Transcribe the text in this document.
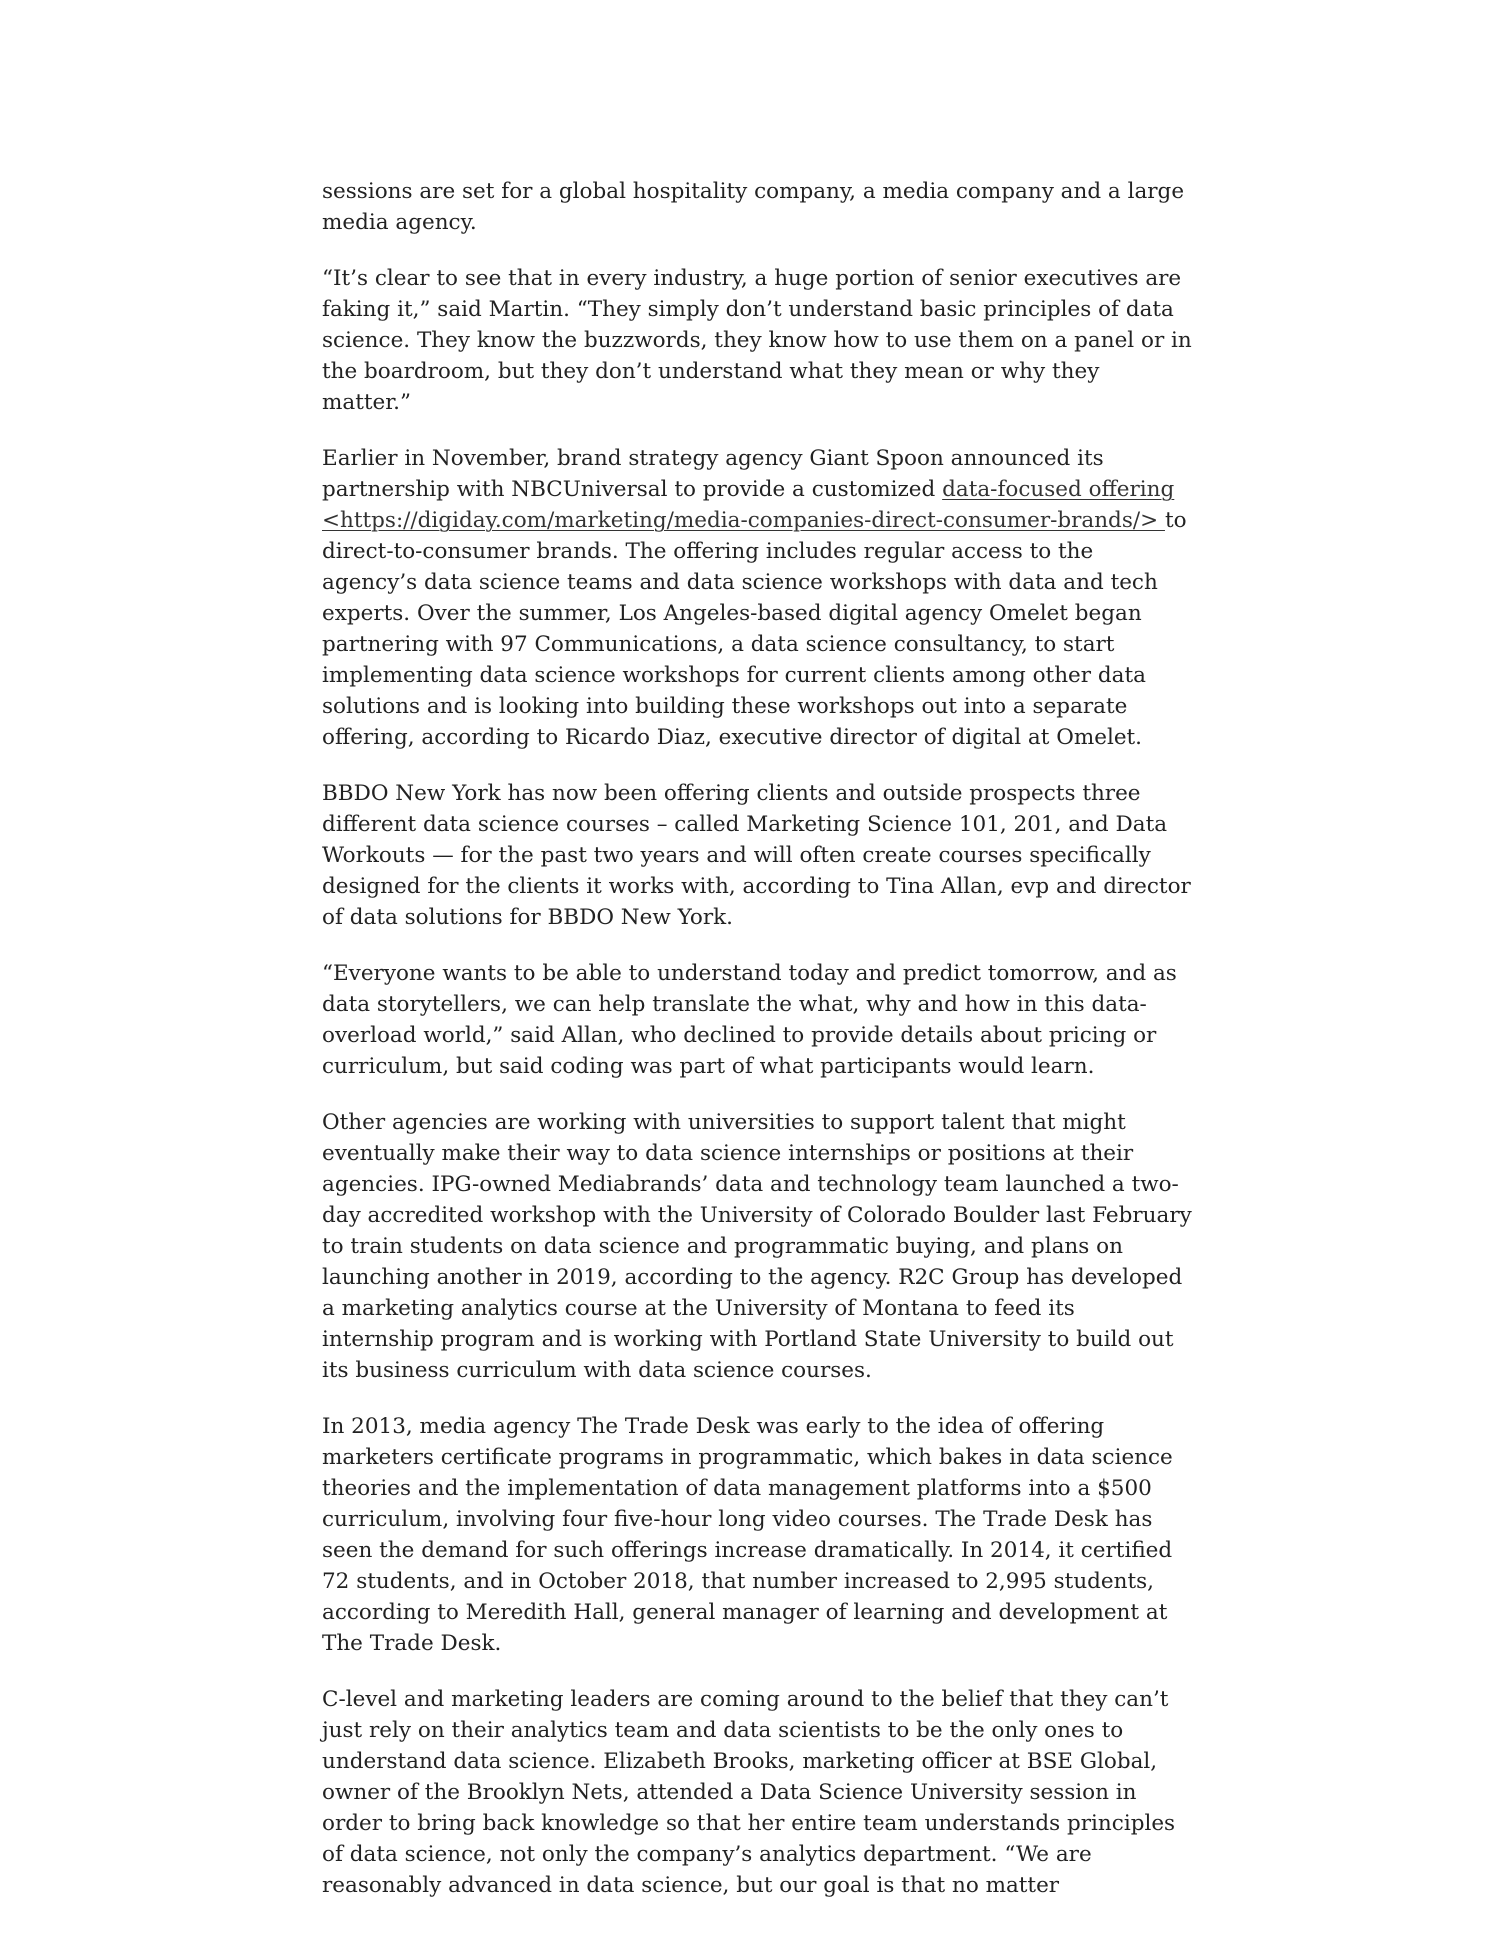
sessions are set for a global hospitality company, a media company and a large media agency.

“It’s clear to see that in every industry, a huge portion of senior executives are faking it,” said Martin. “They simply don’t understand basic principles of data science. They know the buzzwords, they know how to use them on a panel or in the boardroom, but they don’t understand what they mean or why they matter.”

Earlier in November, brand strategy agency Giant Spoon announced its partnership with NBCUniversal to provide a customized data-focused offering <https://digiday.com/marketing/media-companies-direct-consumer-brands/> to direct-to-consumer brands. The offering includes regular access to the agency’s data science teams and data science workshops with data and tech experts. Over the summer, Los Angeles-based digital agency Omelet began partnering with 97 Communications, a data science consultancy, to start implementing data science workshops for current clients among other data solutions and is looking into building these workshops out into a separate offering, according to Ricardo Diaz, executive director of digital at Omelet.

BBDO New York has now been offering clients and outside prospects three different data science courses – called Marketing Science 101, 201, and Data Workouts — for the past two years and will often create courses specifically designed for the clients it works with, according to Tina Allan, evp and director of data solutions for BBDO New York.

“Everyone wants to be able to understand today and predict tomorrow, and as data storytellers, we can help translate the what, why and how in this data-overload world,” said Allan, who declined to provide details about pricing or curriculum, but said coding was part of what participants would learn.

Other agencies are working with universities to support talent that might eventually make their way to data science internships or positions at their agencies. IPG-owned Mediabrands’ data and technology team launched a two-day accredited workshop with the University of Colorado Boulder last February to train students on data science and programmatic buying, and plans on launching another in 2019, according to the agency. R2C Group has developed a marketing analytics course at the University of Montana to feed its internship program and is working with Portland State University to build out its business curriculum with data science courses.

In 2013, media agency The Trade Desk was early to the idea of offering marketers certificate programs in programmatic, which bakes in data science theories and the implementation of data management platforms into a $500 curriculum, involving four five-hour long video courses. The Trade Desk has seen the demand for such offerings increase dramatically. In 2014, it certified 72 students, and in October 2018, that number increased to 2,995 students, according to Meredith Hall, general manager of learning and development at The Trade Desk.

C-level and marketing leaders are coming around to the belief that they can’t just rely on their analytics team and data scientists to be the only ones to understand data science. Elizabeth Brooks, marketing officer at BSE Global, owner of the Brooklyn Nets, attended a Data Science University session in order to bring back knowledge so that her entire team understands principles of data science, not only the company’s analytics department. “We are reasonably advanced in data science, but our goal is that no matter
